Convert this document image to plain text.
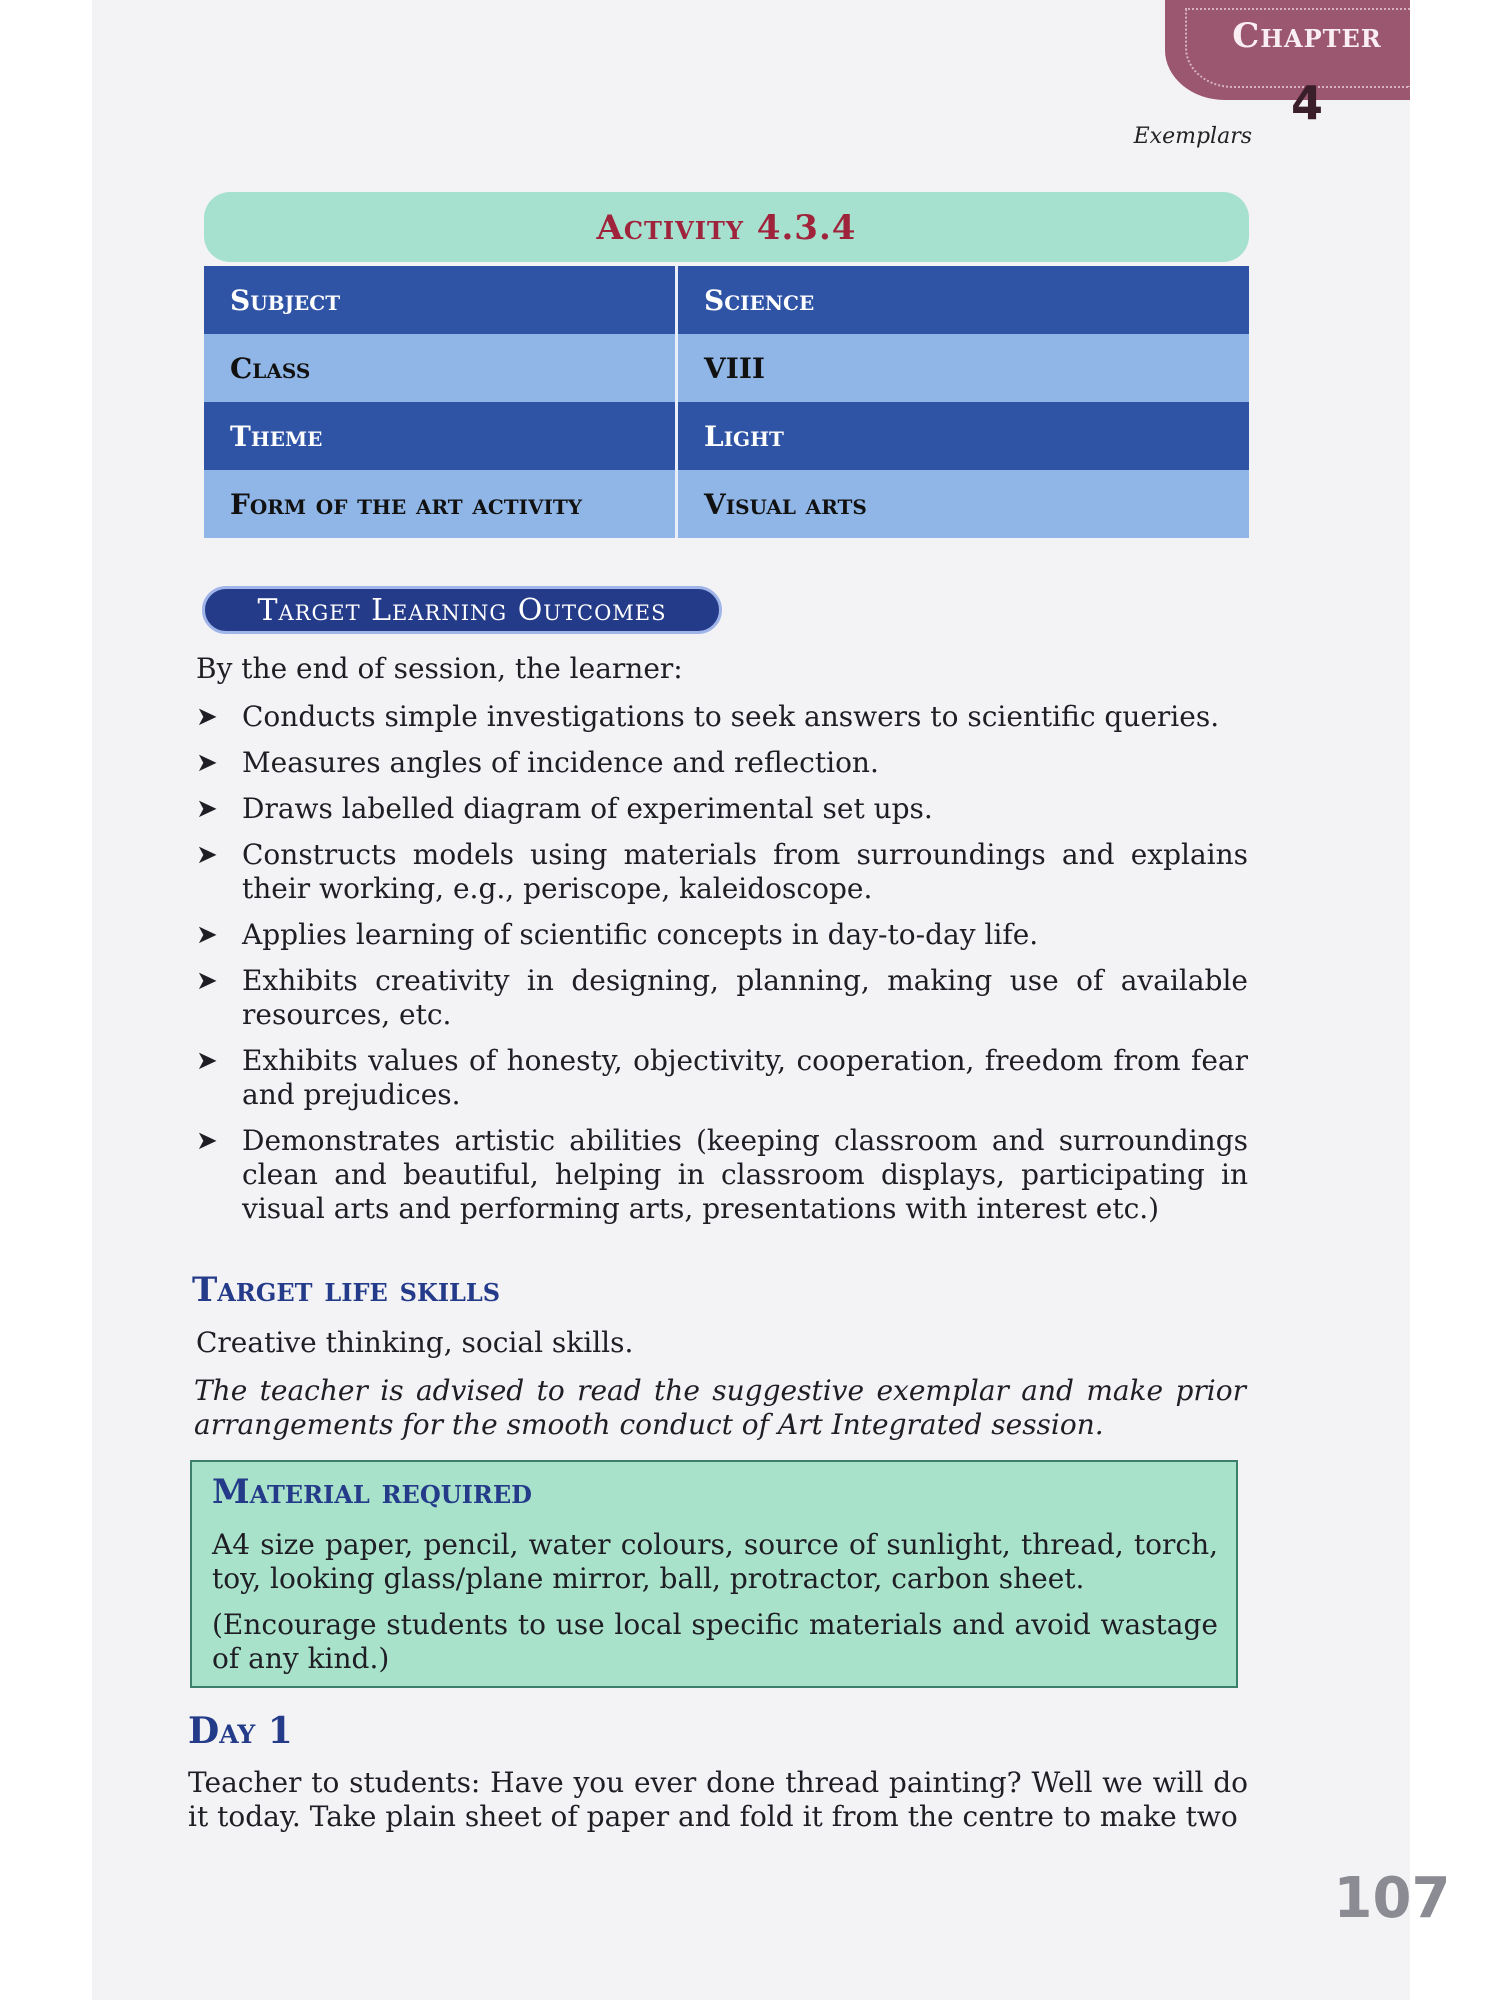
Chapter
4
Exemplars
Activity 4.3.4
Subject	Science
Class	VIII
Theme	Light
Form of the art activity	Visual arts
Target Learning Outcomes
By the end of session, the learner:
➤ Conducts simple investigations to seek answers to scientific queries.
➤ Measures angles of incidence and reflection.
➤ Draws labelled diagram of experimental set ups.
➤ Constructs models using materials from surroundings and explains their working, e.g., periscope, kaleidoscope.
➤ Applies learning of scientific concepts in day-to-day life.
➤ Exhibits creativity in designing, planning, making use of available resources, etc.
➤ Exhibits values of honesty, objectivity, cooperation, freedom from fear and prejudices.
➤ Demonstrates artistic abilities (keeping classroom and surroundings clean and beautiful, helping in classroom displays, participating in visual arts and performing arts, presentations with interest etc.)
Target life skills
Creative thinking, social skills.
The teacher is advised to read the suggestive exemplar and make prior arrangements for the smooth conduct of Art Integrated session.
Material required
A4 size paper, pencil, water colours, source of sunlight, thread, torch, toy, looking glass/plane mirror, ball, protractor, carbon sheet.
(Encourage students to use local specific materials and avoid wastage of any kind.)
Day 1
Teacher to students: Have you ever done thread painting? Well we will do it today. Take plain sheet of paper and fold it from the centre to make two
107
